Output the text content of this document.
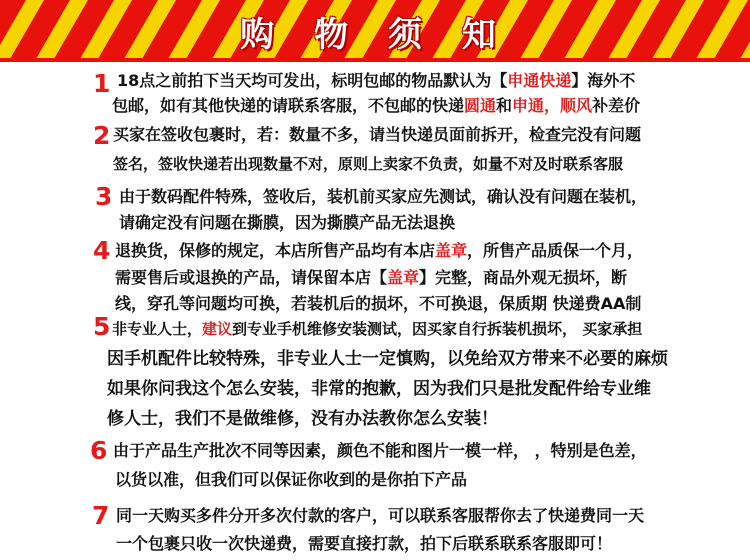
购 物 须 知
1
2
3
4
5
6
7
18点之前拍下当天均可发出，标明包邮的物品默认为【申通快递】海外不
包邮，如有其他快递的请联系客服，不包邮的快递圆通和申通，顺风补差价
买家在签收包裹时，若：数量不多，请当快递员面前拆开，检查完没有问题
签名，签收快递若出现数量不对，原则上卖家不负责，如量不对及时联系客服
由于数码配件特殊，签收后，装机前买家应先测试，确认没有问题在装机，
请确定没有问题在撕膜，因为撕膜产品无法退换
退换货，保修的规定，本店所售产品均有本店盖章，所售产品质保一个月，
需要售后或退换的产品，请保留本店【盖章】完整，商品外观无损坏，断
线，穿孔等问题均可换，若装机后的损坏，不可换退，保质期 快递费AA制
非专业人士，建议到专业手机维修安装测试，因买家自行拆装机损坏， 买家承担
因手机配件比较特殊，非专业人士一定慎购，以免给双方带来不必要的麻烦
如果你问我这个怎么安装，非常的抱歉，因为我们只是批发配件给专业维
修人士，我们不是做维修，没有办法教你怎么安装！
由于产品生产批次不同等因素，颜色不能和图片一模一样， ，特别是色差，
以货以准，但我们可以保证你收到的是你拍下产品
同一天购买多件分开多次付款的客户，可以联系客服帮你去了快递费同一天
一个包裹只收一次快递费，需要直接打款，拍下后联系联系客服即可！
